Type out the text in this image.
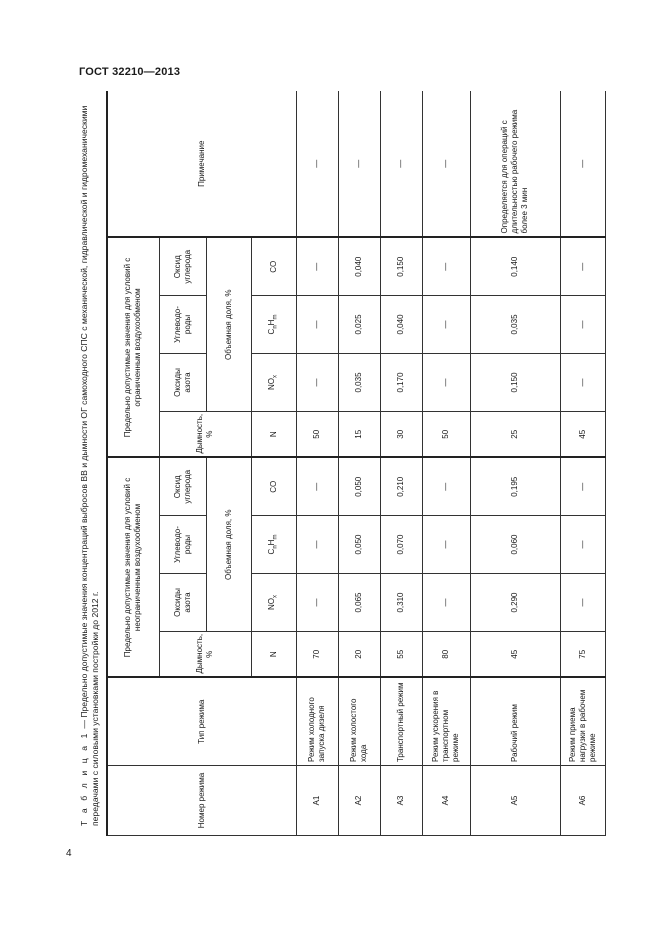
ГОСТ 32210—2013
Т а б л и ц а 1 — Предельно допустимые значения концентраций выбросов ВВ и дымности ОГ самоходного СПС с механической, гидравлической и гидромеханическими передачами с силовыми установками постройки до 2012 г.	Номер режима	Тип режима	Предельно допустимые значения для условий с неограниченным воздухообменом				Предельно допустимые значения для условий с ограниченным воздухообменом				Примечание
		Дымность, %	Оксиды азота	Углеводо-роды	Оксид углерода	Дымность, %	Оксиды азота	Углеводо-роды	Оксид углерода	
			Объемная доля, %				Объемная доля, %			
		N	$NO_x$	$C_nH_m$	CO	N	$NO_x$	$C_nH_m$	CO	
А1	Режим холодного запуска дизеля	70	—	—	—	50	—	—	—	—
А2	Режим холостого хода	20	0,065	0,050	0,050	15	0,035	0,025	0,040	—
А3	Транспортный режим	55	0,310	0,070	0,210	30	0,170	0,040	0,150	—
А4	Режим ускорения в транспортном режиме	80	—	—	—	50	—	—	—	—
А5	Рабочий режим	45	0,290	0,060	0,195	25	0,150	0,035	0,140	Определяется для операций с длительностью рабочего режима более 3 мин
А6	Режим приема нагрузки в рабочем режиме	75	—	—	—	45	—	—	—	—
4
